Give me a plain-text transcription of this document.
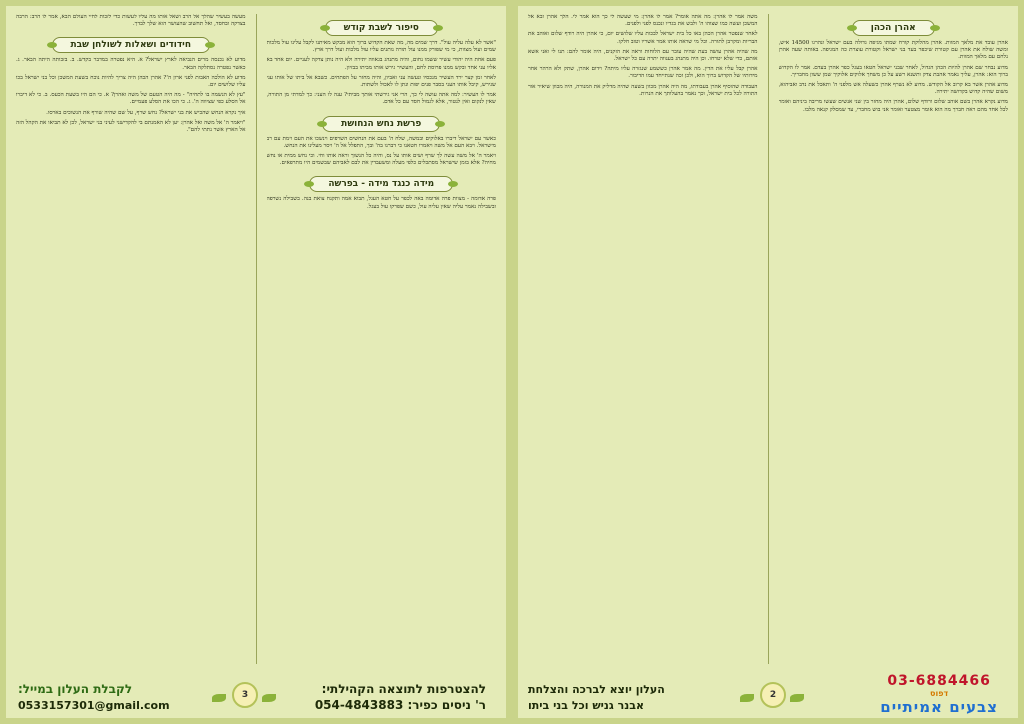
סיפור לשבת קודש

"אשר לא עלה עליה עול". דרך שמים מה, מה שאת הקדוש ברוך הוא מבקש מאיתנו לקבל עלינו עול מלכות שמים ועול מצוות, כי מי שפורק ממנו עול תורה נותנים עליו עול מלכות ועול דרך ארץ.

פעם אחת היה יהודי עשיר ששמו נחום, והיה מתנהג בגאווה יתירה ולא היה נותן צדקה לעניים. יום אחד בא אליו עני אחד ובקש ממנו פרוסת לחם, והעשיר גירש אותו מביתו בבזיון.

לאחר זמן קצר ירד העשיר מנכסיו ונעשה עני ואביון, והיה מחזר על הפתחים. כשבא אל ביתו של אותו עני שגירש, קיבל אותו העני בסבר פנים יפות ונתן לו לאכול ולשתות.

אמר לו העשיר: למה אתה עושה לי כך, הרי אני גירשתי אותך מביתי? ענה לו העני: כך למדתי מן התורה, שאין לנקום ואין לנטור, אלא לגמול חסד עם כל אדם.

פרשת נחש הנחושת

כאשר עם ישראל דיברו באלוקים ובמשה, שלח ה' בעם את הנחשים השרפים וינשכו את העם וימת עם רב מישראל. ויבא העם אל משה ויאמרו חטאנו כי דברנו בה' ובך, התפלל אל ה' ויסר מעלינו את הנחש.

ויאמר ה' אל משה עשה לך שרף ושים אותו על נס, והיה כל הנשוך וראה אותו וחי. וכי נחש ממית או נחש מחיה? אלא בזמן שישראל מסתכלים כלפי מעלה ומשעבדין את לבם לאביהם שבשמים היו מתרפאים.

מידה כנגד מידה - בפרשה

פרה אדומה - מצוות פרה אדומה באה לכפר על חטא העגל, תבוא אמה ותקנח צואת בנה. בשבילה נשרפה ובשבילה נאמר עליה שאין עליה עול, כשם שפרקו עול בעגל.

מעשה בעשיר שהלך אל הרב ושאל אותו מה עליו לעשות כדי לזכות לחיי העולם הבא, אמר לו הרב: הרבה בצדקה ובחסד, ואל תחשוב שהעושר הוא שלך לבדך.

חידודים ושאלות לשולחן שבת

מדוע לא נכנסה מרים הנביאה לארץ ישראל? א. היא נפטרה במדבר בקדש. ב. בזכותה היתה הבאר. ג. כאשר נפטרה נסתלקה הבאר.

מדוע לא הולכה האבות לפני ארון ה'? אהרן הכהן היה צריך להיות נוכח בשעת המשכן וכל בני ישראל בכו עליו שלושים יום.

"עץ לא הנשמה בו לתחיה" - מה היה הטעם של משה ואהרן? א. כי הם היו בשעת הכעס. ב. כי לא דיברו אל הסלע כפי שציווה ה'. ג. כי הכו את הסלע פעמיים.

איך נקרא הנחש שהכיש את בני ישראל? נחש שרף, על שם שהיה שורף את הנשוכים בארסו.

"ויאמר ה' אל משה ואל אהרן: יען לא האמנתם בי להקדישני לעיני בני ישראל, לכן לא תביאו את הקהל הזה אל הארץ אשר נתתי להם".

להצטרפות לתוצאה הקהילתי:
ר' ניסים כפיר: 054-4843883
3
לקבלת העלון במייל:
0533157301@gmail.com
אהרן הכהן

אהרן עובד את מלאך המוות. אהרן מהלוקת קורח שמתו מגיפה גדולה בעם ישראל ונהרגו 14500 איש, ומשה שולח את אהרן עם קטורת שיכפר בעד בני ישראל וקטורת עוצרת כה המגיפה. באותה שעה אהרן נלחם עם מלאך המוות.

מדוע נבחר שם אהרן להיות הכהן הגדול, לאחר שבני ישראל חטאו בעגל כפר אהרן בעדם. אמר לו הקדוש ברוך הוא: אהרן, עליך נאמר אהבת צדק ותשנא רשע על כן משחך אלוקים אלוקיך שמן ששון מחבריך.

מדוע אהרן אשר בא קרוב אל הקודש. מדוע לא נשרף אהרן כשעלה אש מלפני ה' ותאכל את נדב ואביהוא, משום שהיה קדוש בקדושה יתירה.

מדוע נקרא אהרן בשם אוהב שלום ורודף שלום, אהרן היה מחזר בין שני אנשים שעשו מריבה ביניהם ואומר לכל אחד מהם ראה חברך מה הוא אומר מצטער ואומר אני בוש מחברי, עד שמסלק קנאה מלבו.

משה אמר לו אהרן: מה אתה אומר? אמר לו אהרן: מי שעשה לי כך הוא אמר לי. הלך אהרן ובא אל המשכן ועשה כמו שצוהו ה' ולבש את בגדיו ונכנס לפני ולפנים.

לאחר שנפטר אהרן הכהן באו כל בית ישראל לבכות עליו שלושים יום, כי אהרן היה רודף שלום ואוהב את הבריות ומקרבן לתורה. וכל מי שראה אותו אמר אשריו וטוב חלקו.

מה שהיה אהרן עושה בעת שהיה עובר עם הלוחות וראה את הזקנים, היה אומר להם: תנו לי ואני אשא אותם, כדי שלא יטרחו. וכן היה מתנהג בענווה יתרה עם כל ישראל.

אהרן קבל עליו את הדין. מה אמר אהרן כששמע שנגזרה עליו מיתה? וידום אהרן, שתק ולא הרהר אחר מידותיו של הקדוש ברוך הוא, ולכן זכה שנתייחד עמו הדיבור.

העבודה שהוסיף אהרן בעבודתו, מה היה אהרן מכוון בשעה שהיה מדליק את המנורה, היה מכוון שיאיר אור התורה לכל בית ישראל, וכך נאמר בהעלותך את הנרות.

העלון יוצא לברכה והצלחת
אבנר גניש וכל בני ביתו
2
03-6884466
דפוס
צבעים אמיתיים
